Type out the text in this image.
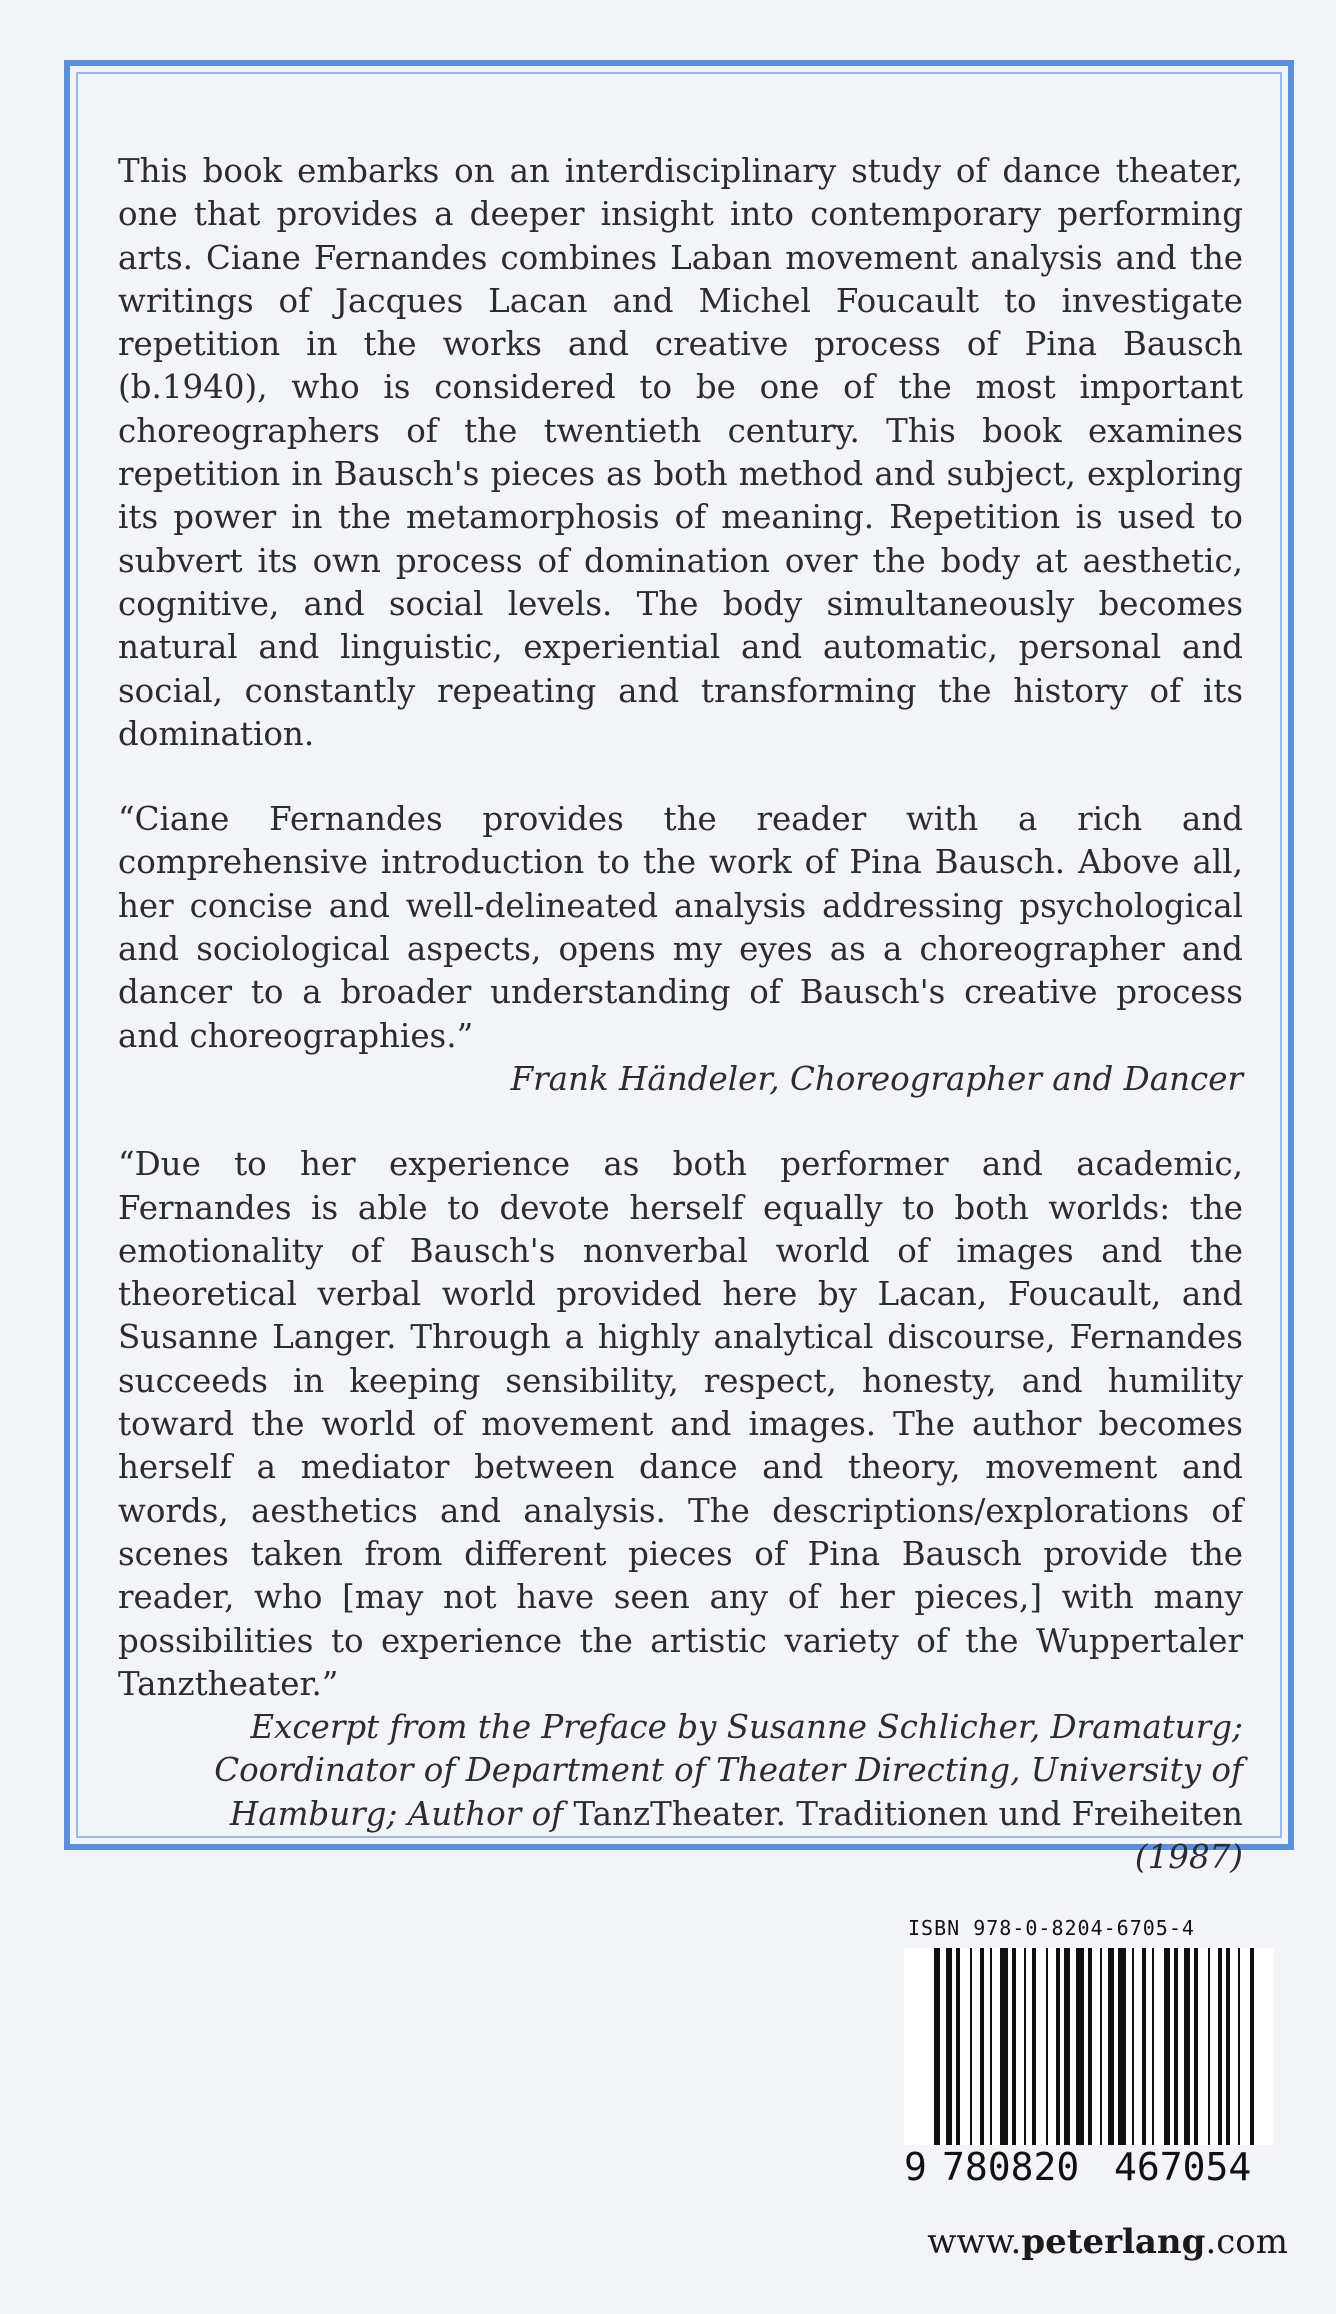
This book embarks on an interdisciplinary study of dance theater, one that provides a deeper insight into contemporary performing arts. Ciane Fernandes combines Laban movement analysis and the writings of Jacques Lacan and Michel Foucault to investigate repetition in the works and creative process of Pina Bausch (b.1940), who is considered to be one of the most important choreographers of the twentieth century. This book examines repetition in Bausch's pieces as both method and subject, exploring its power in the metamorphosis of meaning. Repetition is used to subvert its own process of domination over the body at aesthetic, cognitive, and social levels. The body simultaneously becomes natural and linguistic, experiential and automatic, personal and social, constantly repeating and transforming the history of its domination.

“Ciane Fernandes provides the reader with a rich and comprehensive introduction to the work of Pina Bausch. Above all, her concise and well-delineated analysis addressing psychological and sociological aspects, opens my eyes as a choreographer and dancer to a broader understanding of Bausch's creative process and choreographies.”

Frank Händeler, Choreographer and Dancer

“Due to her experience as both performer and academic, Fernandes is able to devote herself equally to both worlds: the emotionality of Bausch's nonverbal world of images and the theoretical verbal world provided here by Lacan, Foucault, and Susanne Langer. Through a highly analytical discourse, Fernandes succeeds in keeping sensibility, respect, honesty, and humility toward the world of movement and images. The author becomes herself a mediator between dance and theory, movement and words, aesthetics and analysis. The descriptions/explorations of scenes taken from different pieces of Pina Bausch provide the reader, who [may not have seen any of her pieces,] with many possibilities to experience the artistic variety of the Wuppertaler Tanztheater.”

Excerpt from the Preface by Susanne Schlicher, Dramaturg;

Coordinator of Department of Theater Directing, University of

Hamburg; Author of TanzTheater. Traditionen und Freiheiten (1987)

ISBN 978-0-8204-6705-4
9 780820 467054
www.peterlang.com
